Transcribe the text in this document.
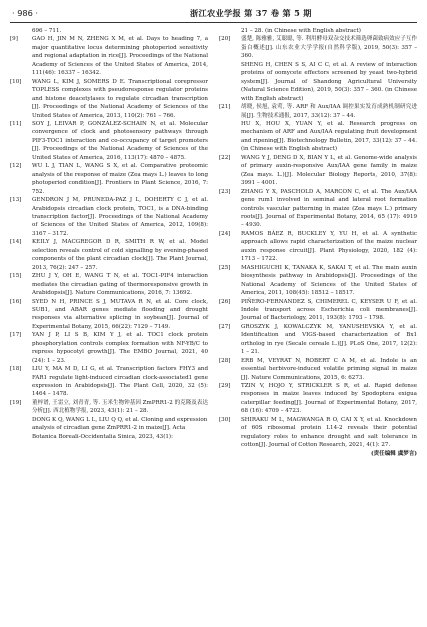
· 986 ·	浙江农业学报 第 37 卷 第 5 期
696 – 711.
[9]	GAO H, JIN M N, ZHENG X M, et al. Days to heading 7, a major quantitative locus determining photoperiod sensitivity and regional adaptation in rice[J]. Proceedings of the National Academy of Sciences of the United States of America, 2014, 111(46): 16337 – 16342.
[10]	WANG L, KIM J, SOMERS D E. Transcriptional corepressor TOPLESS complexes with pseudoresponse regulator proteins and histone deacetylases to regulate circadian transcription [J]. Proceedings of the National Academy of Sciences of the United States of America, 2013, 110(2): 761 – 766.
[11]	SOY J, LEIVAR P, GONZÁLEZ-SCHAIN N, et al. Molecular convergence of clock and photosensory pathways through PIF3-TOC1 interaction and co-occupancy of target promoters [J]. Proceedings of the National Academy of Sciences of the United States of America, 2016, 113(17): 4870 – 4875.
[12]	WU L J, TIAN L, WANG S X, et al. Comparative proteomic analysis of the response of maize (Zea mays L.) leaves to long photoperiod condition[J]. Frontiers in Plant Science, 2016, 7: 752.
[13]	GENDRON J M, PRUNEDA-PAZ J L, DOHERTY C J, et al. Arabidopsis circadian clock protein, TOC1, is a DNA-binding transcription factor[J]. Proceedings of the National Academy of Sciences of the United States of America, 2012, 109(8): 3167 – 3172.
[14]	KEILY J, MACGREGOR D R, SMITH R W, et al. Model selection reveals control of cold signalling by evening-phased components of the plant circadian clock[J]. The Plant Journal, 2013, 76(2): 247 – 257.
[15]	ZHU J Y, OH E, WANG T N, et al. TOC1-PIF4 interaction mediates the circadian gating of thermoresponsive growth in Arabidopsis[J]. Nature Communications, 2016, 7: 13692.
[16]	SYED N H, PRINCE S J, MUTAVA R N, et al. Core clock, SUB1, and ABAR genes mediate flooding and drought responses via alternative splicing in soybean[J]. Journal of Experimental Botany, 2015, 66(22): 7129 – 7149.
[17]	YAN J P, LI S B, KIM Y J, et al. TOC1 clock protein phosphorylation controls complex formation with NF-YB/C to repress hypocotyl growth[J]. The EMBO Journal, 2021, 40 (24): 1 – 23.
[18]	LIU Y, MA M D, LI G, et al. Transcription factors FHY3 and FAR1 regulate light-induced circadian clock-associated1 gene expression in Arabidopsis[J]. The Plant Cell, 2020, 32 (5): 1464 – 1478.
[19]	董梓谱, 王雷立, 刘青青, 等. 玉米生物钟基因 ZmPRR1-2 的克隆及表达分析[J]. 西北植物学报, 2023, 43(1): 21 – 28.
DONG K Q, WANG L L, LIU Q Q, et al. Cloning and expression analysis of circadian gene ZmPRR1-2 in maize[J]. Acta Botanica Boreali-Occidentalia Sinica, 2023, 43(1):
21 – 28. (in Chinese with English abstract)
[20]	盛楚, 陈雅雅, 艾聪聪, 等. 利用酵母双杂交技术筛选卵菌致病效应子互作蛋白概述[J]. 山东农业大学学报(自然科学版), 2019, 50(3): 357 – 360.
SHENG H, CHEN S S, AI C C, et al. A review of interaction proteins of oomycete effectors screened by yeast two-hybrid system[J]. Journal of Shandong Agricultural University (Natural Science Edition), 2019, 50(3): 357 – 360. (in Chinese with English abstract)
[21]	胡晓, 侯旭, 袁莺, 等. ARF 和 Aux/IAA 调控果实发育成熟机制研究进展[J]. 生物技术通报, 2017, 33(12): 37 – 44.
HU X, HOU X, YUAN Y, et al. Research progress on mechanism of ARF and Aux/IAA regulating fruit development and ripening[J]. Biotechnology Bulletin, 2017, 33(12): 37 – 44. (in Chinese with English abstract)
[22]	WANG Y J, DENG D X, BIAN Y L, et al. Genome-wide analysis of primary auxin-responsive Aux/IAA gene family in maize (Zea mays. L.)[J]. Molecular Biology Reports, 2010, 37(8): 3991 – 4001.
[23]	ZHANG Y X, PASCHOLD A, MARCON C, et al. The Aux/IAA gene rum1 involved in seminal and lateral root formation controls vascular patterning in maize (Zea mays L.) primary roots[J]. Journal of Experimental Botany, 2014, 65 (17): 4919 – 4930.
[24]	RAMOS BÁEZ R, BUCKLEY Y, YU H, et al. A synthetic approach allows rapid characterization of the maize nuclear auxin response circuit[J]. Plant Physiology, 2020, 182 (4): 1713 – 1722.
[25]	MASHIGUCHI K, TANAKA K, SAKAI T, et al. The main auxin biosynthesis pathway in Arabidopsis[J]. Proceedings of the National Academy of Sciences of the United States of America, 2011, 108(45): 18512 – 18517.
[26]	PIÑERO-FERNANDEZ S, CHIMEREL C, KEYSER U F, et al. Indole transport across Escherichia coli membranes[J]. Journal of Bacteriology, 2011, 193(8): 1793 – 1798.
[27]	GROSZYK J, KOWALCZYK M, YANUSHEVSKA Y, et al. Identification and VIGS-based characterization of Bx1 ortholog in rye (Secale cereale L.)[J]. PLoS One, 2017, 12(2): 1 – 21.
[28]	ERB M, VEYRAT N, ROBERT C A M, et al. Indole is an essential herbivore-induced volatile priming signal in maize [J]. Nature Communications, 2015, 6: 6273.
[29]	TZIN V, HOJO Y, STRICKLER S R, et al. Rapid defense responses in maize leaves induced by Spodoptera exigua caterpillar feeding[J]. Journal of Experimental Botany, 2017, 68 (16): 4709 – 4723.
[30]	SHIRAKU M L, MAGWANGA R O, CAI X Y, et al. Knockdown of 60S ribosomal protein L14-2 reveals their potential regulatory roles to enhance drought and salt tolerance in cotton[J]. Journal of Cotton Research, 2021, 4(1): 27.
(责任编辑 虞梦言)
